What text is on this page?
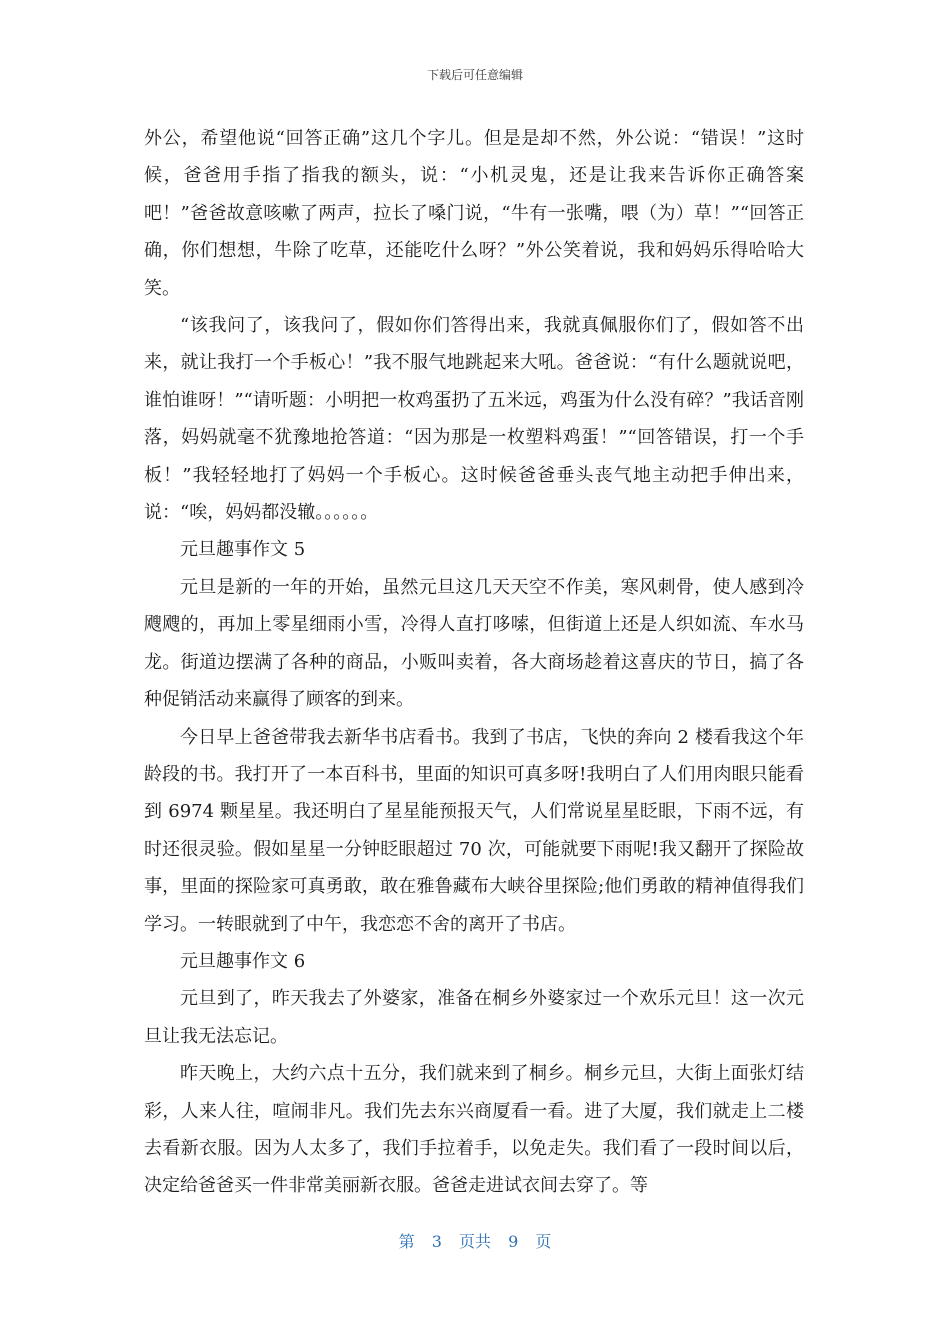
下载后可任意编辑

外公，希望他说“回答正确”这几个字儿。但是是却不然，外公说：“错误！”这时候，爸爸用手指了指我的额头，说：“小机灵鬼，还是让我来告诉你正确答案吧！”爸爸故意咳嗽了两声，拉长了嗓门说，“牛有一张嘴，喂（为）草！”“回答正确，你们想想，牛除了吃草，还能吃什么呀？”外公笑着说，我和妈妈乐得哈哈大笑。

“该我问了，该我问了，假如你们答得出来，我就真佩服你们了，假如答不出来，就让我打一个手板心！”我不服气地跳起来大吼。爸爸说：“有什么题就说吧，谁怕谁呀！”“请听题：小明把一枚鸡蛋扔了五米远，鸡蛋为什么没有碎？”我话音刚落，妈妈就毫不犹豫地抢答道：“因为那是一枚塑料鸡蛋！”“回答错误，打一个手板！”我轻轻地打了妈妈一个手板心。这时候爸爸垂头丧气地主动把手伸出来，说：“唉，妈妈都没辙。。。。。。

元旦趣事作文 5

元旦是新的一年的开始，虽然元旦这几天天空不作美，寒风刺骨，使人感到冷飕飕的，再加上零星细雨小雪，冷得人直打哆嗦，但街道上还是人织如流、车水马龙。街道边摆满了各种的商品，小贩叫卖着，各大商场趁着这喜庆的节日，搞了各种促销活动来赢得了顾客的到来。

今日早上爸爸带我去新华书店看书。我到了书店，飞快的奔向 2 楼看我这个年龄段的书。我打开了一本百科书，里面的知识可真多呀!我明白了人们用肉眼只能看到 6974 颗星星。我还明白了星星能预报天气，人们常说星星眨眼，下雨不远，有时还很灵验。假如星星一分钟眨眼超过 70 次，可能就要下雨呢!我又翻开了探险故事，里面的探险家可真勇敢，敢在雅鲁藏布大峡谷里探险;他们勇敢的精神值得我们学习。一转眼就到了中午，我恋恋不舍的离开了书店。

元旦趣事作文 6

元旦到了，昨天我去了外婆家，准备在桐乡外婆家过一个欢乐元旦！这一次元旦让我无法忘记。

昨天晚上，大约六点十五分，我们就来到了桐乡。桐乡元旦，大街上面张灯结彩，人来人往，喧闹非凡。我们先去东兴商厦看一看。进了大厦，我们就走上二楼去看新衣服。因为人太多了，我们手拉着手，以免走失。我们看了一段时间以后，决定给爸爸买一件非常美丽新衣服。爸爸走进试衣间去穿了。等

第 3 页共 9 页
